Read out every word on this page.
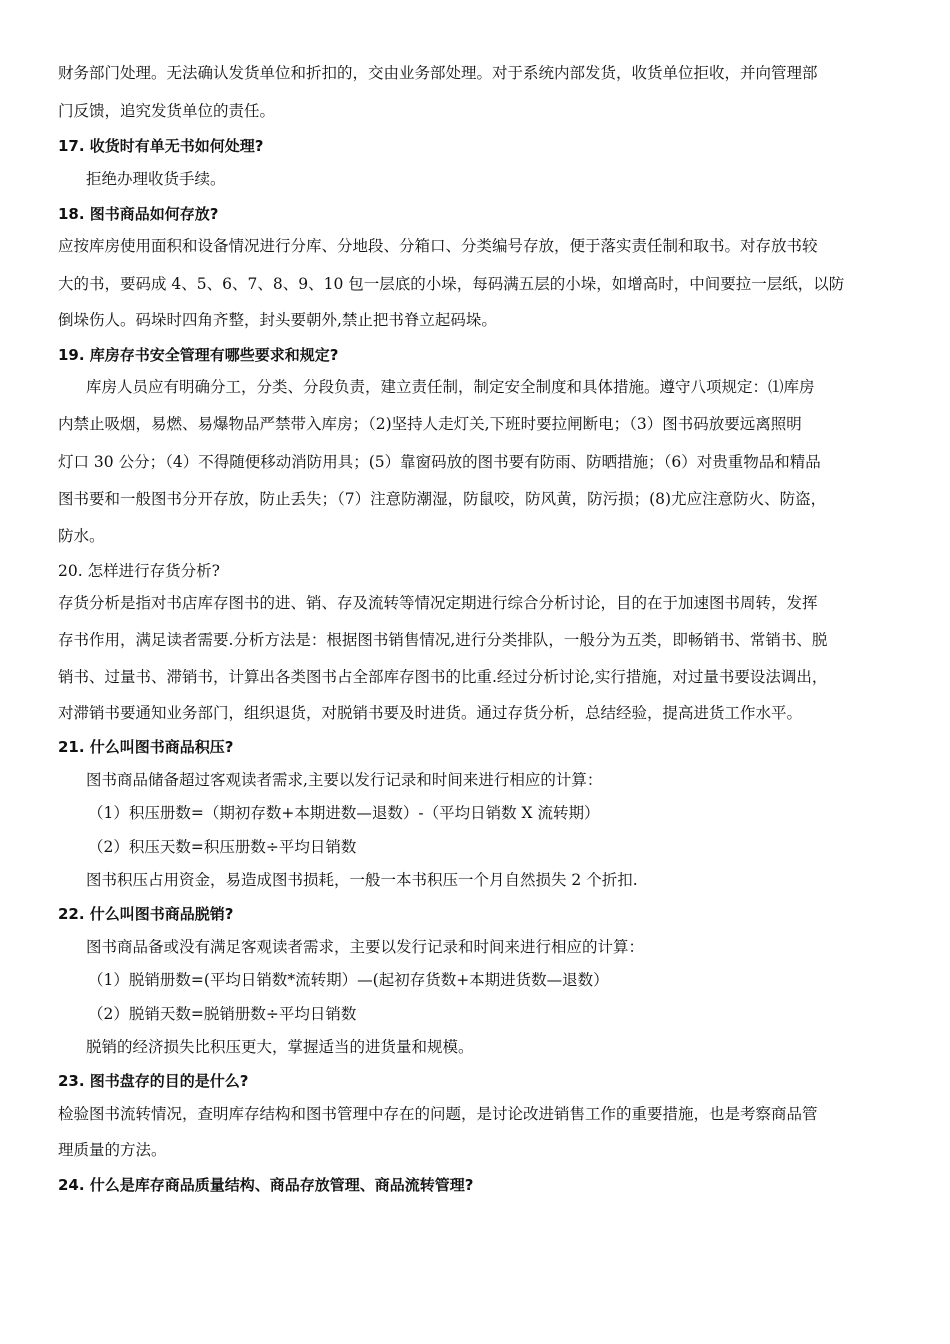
财务部门处理。无法确认发货单位和折扣的，交由业务部处理。对于系统内部发货，收货单位拒收，并向管理部
门反馈，追究发货单位的责任。
17. 收货时有单无书如何处理?
拒绝办理收货手续。
18. 图书商品如何存放?
应按库房使用面积和设备情况进行分库、分地段、分箱口、分类编号存放，便于落实责任制和取书。对存放书较
大的书，要码成 4、5、6、7、8、9、10 包一层底的小垛，每码满五层的小垛，如增高时，中间要拉一层纸，以防
倒垛伤人。码垛时四角齐整，封头要朝外,禁止把书脊立起码垛。
19. 库房存书安全管理有哪些要求和规定?
库房人员应有明确分工，分类、分段负责，建立责任制，制定安全制度和具体措施。遵守八项规定：⑴库房
内禁止吸烟，易燃、易爆物品严禁带入库房；（2)坚持人走灯关,下班时要拉闸断电；（3）图书码放要远离照明
灯口 30 公分；（4）不得随便移动消防用具；(5）靠窗码放的图书要有防雨、防晒措施；（6）对贵重物品和精品
图书要和一般图书分开存放，防止丢失；（7）注意防潮湿，防鼠咬，防风黄，防污损；(8)尤应注意防火、防盗，
防水。
20. 怎样进行存货分析?
存货分析是指对书店库存图书的进、销、存及流转等情况定期进行综合分析讨论，目的在于加速图书周转，发挥
存书作用，满足读者需要.分析方法是：根据图书销售情况,进行分类排队，一般分为五类，即畅销书、常销书、脱
销书、过量书、滞销书，计算出各类图书占全部库存图书的比重.经过分析讨论,实行措施，对过量书要设法调出，
对滞销书要通知业务部门，组织退货，对脱销书要及时进货。通过存货分析，总结经验，提高进货工作水平。
21. 什么叫图书商品积压?
图书商品储备超过客观读者需求,主要以发行记录和时间来进行相应的计算：
（1）积压册数=（期初存数+本期进数—退数）-（平均日销数 X 流转期）
（2）积压天数=积压册数÷平均日销数
图书积压占用资金，易造成图书损耗，一般一本书积压一个月自然损失 2 个折扣.
22. 什么叫图书商品脱销?
图书商品备或没有满足客观读者需求，主要以发行记录和时间来进行相应的计算：
（1）脱销册数=(平均日销数*流转期）—(起初存货数+本期进货数—退数）
（2）脱销天数=脱销册数÷平均日销数
脱销的经济损失比积压更大，掌握适当的进货量和规模。
23. 图书盘存的目的是什么?
检验图书流转情况，查明库存结构和图书管理中存在的问题，是讨论改进销售工作的重要措施，也是考察商品管
理质量的方法。
24. 什么是库存商品质量结构、商品存放管理、商品流转管理?
